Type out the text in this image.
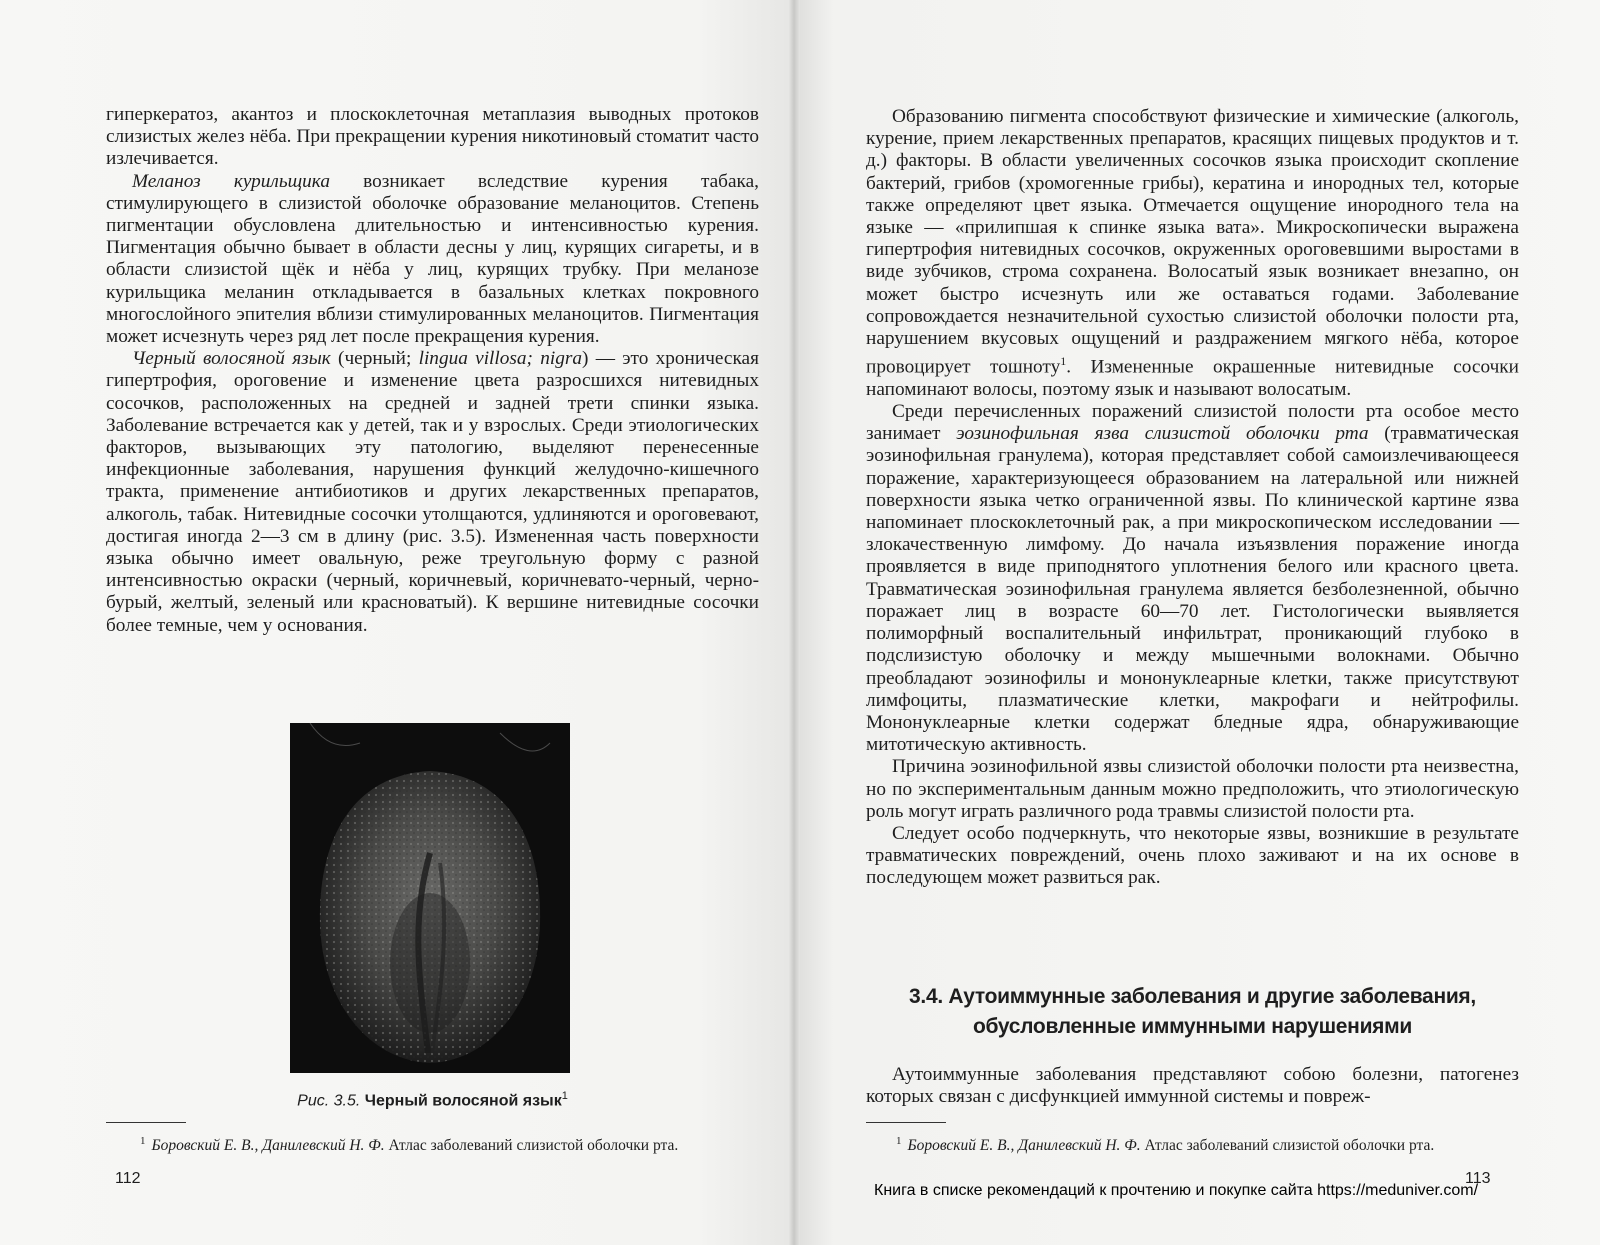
гиперкератоз, акантоз и плоскоклеточная метаплазия выводных протоков слизистых желез нёба. При прекращении курения никотиновый стоматит часто излечивается.

Меланоз курильщика возникает вследствие курения табака, стимулирующего в слизистой оболочке образование меланоцитов. Степень пигментации обусловлена длительностью и интенсивностью курения. Пигментация обычно бывает в области десны у лиц, курящих сигареты, и в области слизистой щёк и нёба у лиц, курящих трубку. При меланозе курильщика меланин откладывается в базальных клетках покровного многослойного эпителия вблизи стимулированных меланоцитов. Пигментация может исчезнуть через ряд лет после прекращения курения.

Черный волосяной язык (черный; lingua villosa; nigra) — это хроническая гипертрофия, ороговение и изменение цвета разросшихся нитевидных сосочков, расположенных на средней и задней трети спинки языка. Заболевание встречается как у детей, так и у взрослых. Среди этиологических факторов, вызывающих эту патологию, выделяют перенесенные инфекционные заболевания, нарушения функций желудочно-кишечного тракта, применение антибиотиков и других лекарственных препаратов, алкоголь, табак. Нитевидные сосочки утолщаются, удлиняются и ороговевают, достигая иногда 2—3 см в длину (рис. 3.5). Измененная часть поверхности языка обычно имеет овальную, реже треугольную форму с разной интенсивностью окраски (черный, коричневый, коричневато-черный, черно-бурый, желтый, зеленый или красноватый). К вершине нитевидные сосочки более темные, чем у основания.

Рис. 3.5. Черный волосяной язык$^1$
$^1$ Боровский Е. В., Данилевский Н. Ф. Атлас заболеваний слизистой оболочки рта.
112

Образованию пигмента способствуют физические и химические (алкоголь, курение, прием лекарственных препаратов, красящих пищевых продуктов и т. д.) факторы. В области увеличенных сосочков языка происходит скопление бактерий, грибов (хромогенные грибы), кератина и инородных тел, которые также определяют цвет языка. Отмечается ощущение инородного тела на языке — «прилипшая к спинке языка вата». Микроскопически выражена гипертрофия нитевидных сосочков, окруженных ороговевшими выростами в виде зубчиков, строма сохранена. Волосатый язык возникает внезапно, он может быстро исчезнуть или же оставаться годами. Заболевание сопровождается незначительной сухостью слизистой оболочки полости рта, нарушением вкусовых ощущений и раздражением мягкого нёба, которое провоцирует тошноту$^1$. Измененные окрашенные нитевидные сосочки напоминают волосы, поэтому язык и называют волосатым.

Среди перечисленных поражений слизистой полости рта особое место занимает эозинофильная язва слизистой оболочки рта (травматическая эозинофильная гранулема), которая представляет собой самоизлечивающееся поражение, характеризующееся образованием на латеральной или нижней поверхности языка четко ограниченной язвы. По клинической картине язва напоминает плоскоклеточный рак, а при микроскопическом исследовании — злокачественную лимфому. До начала изъязвления поражение иногда проявляется в виде приподнятого уплотнения белого или красного цвета. Травматическая эозинофильная гранулема является безболезненной, обычно поражает лиц в возрасте 60—70 лет. Гистологически выявляется полиморфный воспалительный инфильтрат, проникающий глубоко в подслизистую оболочку и между мышечными волокнами. Обычно преобладают эозинофилы и мононуклеарные клетки, также присутствуют лимфоциты, плазматические клетки, макрофаги и нейтрофилы. Мононуклеарные клетки содержат бледные ядра, обнаруживающие митотическую активность.

Причина эозинофильной язвы слизистой оболочки полости рта неизвестна, но по экспериментальным данным можно предположить, что этиологическую роль могут играть различного рода травмы слизистой полости рта.

Следует особо подчеркнуть, что некоторые язвы, возникшие в результате травматических повреждений, очень плохо заживают и на их основе в последующем может развиться рак.

3.4. Аутоиммунные заболевания и другие заболевания,
обусловленные иммунными нарушениями

Аутоиммунные заболевания представляют собою болезни, патогенез которых связан с дисфункцией иммунной системы и повреж-

$^1$ Боровский Е. В., Данилевский Н. Ф. Атлас заболеваний слизистой оболочки рта.
113
Книга в списке рекомендаций к прочтению и покупке сайта https://meduniver.com/
